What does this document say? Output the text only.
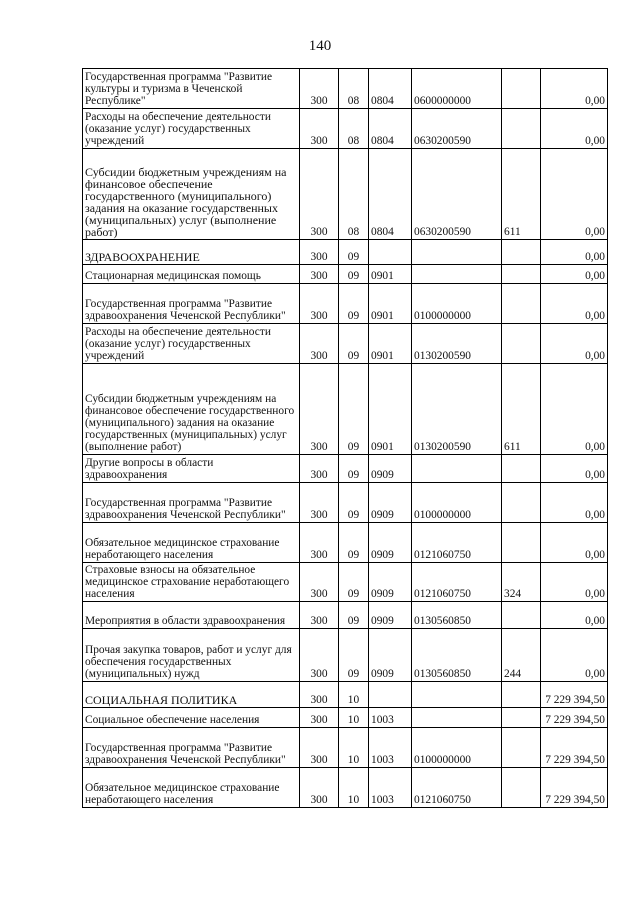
140
Государственная программа "Развитие культуры и туризма в Чеченской Республике"	300	08	0804	0600000000		0,00
Расходы на обеспечение деятельности (оказание услуг) государственных учреждений	300	08	0804	0630200590		0,00
Субсидии бюджетным учреждениям на финансовое обеспечение государственного (муниципального) задания на оказание государственных (муниципальных) услуг (выполнение работ)	300	08	0804	0630200590	611	0,00
ЗДРАВООХРАНЕНИЕ	300	09				0,00
Стационарная медицинская помощь	300	09	0901			0,00
Государственная программа "Развитие здравоохранения Чеченской Республики"	300	09	0901	0100000000		0,00
Расходы на обеспечение деятельности (оказание услуг) государственных учреждений	300	09	0901	0130200590		0,00
Субсидии бюджетным учреждениям на финансовое обеспечение государственного (муниципального) задания на оказание государственных (муниципальных) услуг (выполнение работ)	300	09	0901	0130200590	611	0,00
Другие вопросы в области здравоохранения	300	09	0909			0,00
Государственная программа "Развитие здравоохранения Чеченской Республики"	300	09	0909	0100000000		0,00
Обязательное медицинское страхование неработающего населения	300	09	0909	0121060750		0,00
Страховые взносы на обязательное медицинское страхование неработающего населения	300	09	0909	0121060750	324	0,00
Мероприятия в области здравоохранения	300	09	0909	0130560850		0,00
Прочая закупка товаров, работ и услуг для обеспечения государственных (муниципальных) нужд	300	09	0909	0130560850	244	0,00
СОЦИАЛЬНАЯ ПОЛИТИКА	300	10				7 229 394,50
Социальное обеспечение населения	300	10	1003			7 229 394,50
Государственная программа "Развитие здравоохранения Чеченской Республики"	300	10	1003	0100000000		7 229 394,50
Обязательное медицинское страхование неработающего населения	300	10	1003	0121060750		7 229 394,50
